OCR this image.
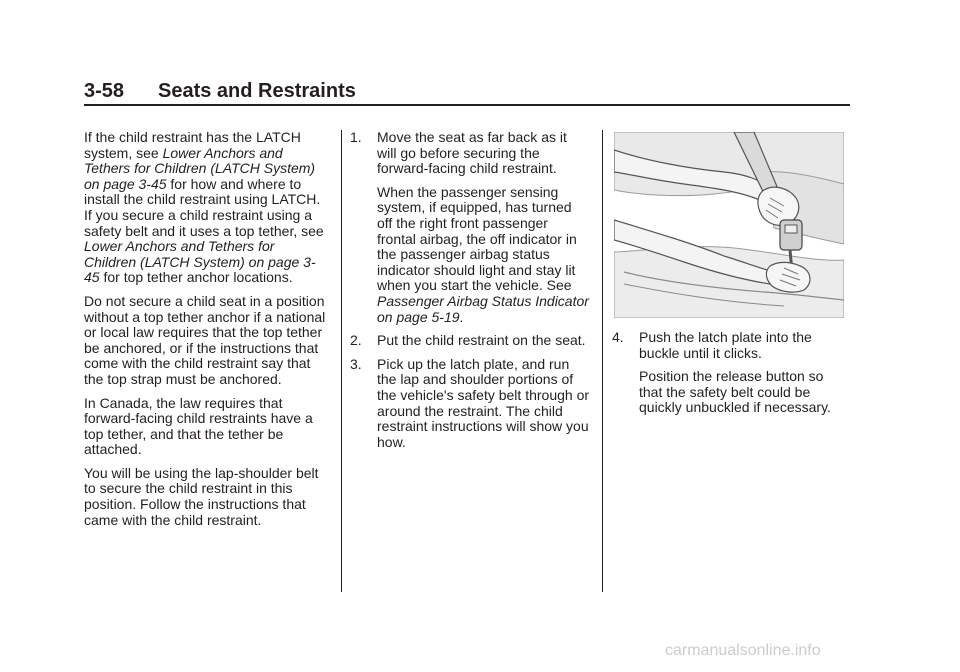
3-58 Seats and Restraints

If the child restraint has the LATCH system, see Lower Anchors and Tethers for Children (LATCH System) on page 3-45 for how and where to install the child restraint using LATCH. If you secure a child restraint using a safety belt and it uses a top tether, see Lower Anchors and Tethers for Children (LATCH System) on page 3-45 for top tether anchor locations.

Do not secure a child seat in a position without a top tether anchor if a national or local law requires that the top tether be anchored, or if the instructions that come with the child restraint say that the top strap must be anchored.

In Canada, the law requires that forward-facing child restraints have a top tether, and that the tether be attached.

You will be using the lap-shoulder belt to secure the child restraint in this position. Follow the instructions that came with the child restraint.

1. Move the seat as far back as it will go before securing the forward-facing child restraint.
When the passenger sensing system, if equipped, has turned off the right front passenger frontal airbag, the off indicator in the passenger airbag status indicator should light and stay lit when you start the vehicle. See Passenger Airbag Status Indicator on page 5-19.
2. Put the child restraint on the seat.
3. Pick up the latch plate, and run the lap and shoulder portions of the vehicle's safety belt through or around the restraint. The child restraint instructions will show you how.
4. Push the latch plate into the buckle until it clicks.
Position the release button so that the safety belt could be quickly unbuckled if necessary.
carmanualsonline.info
